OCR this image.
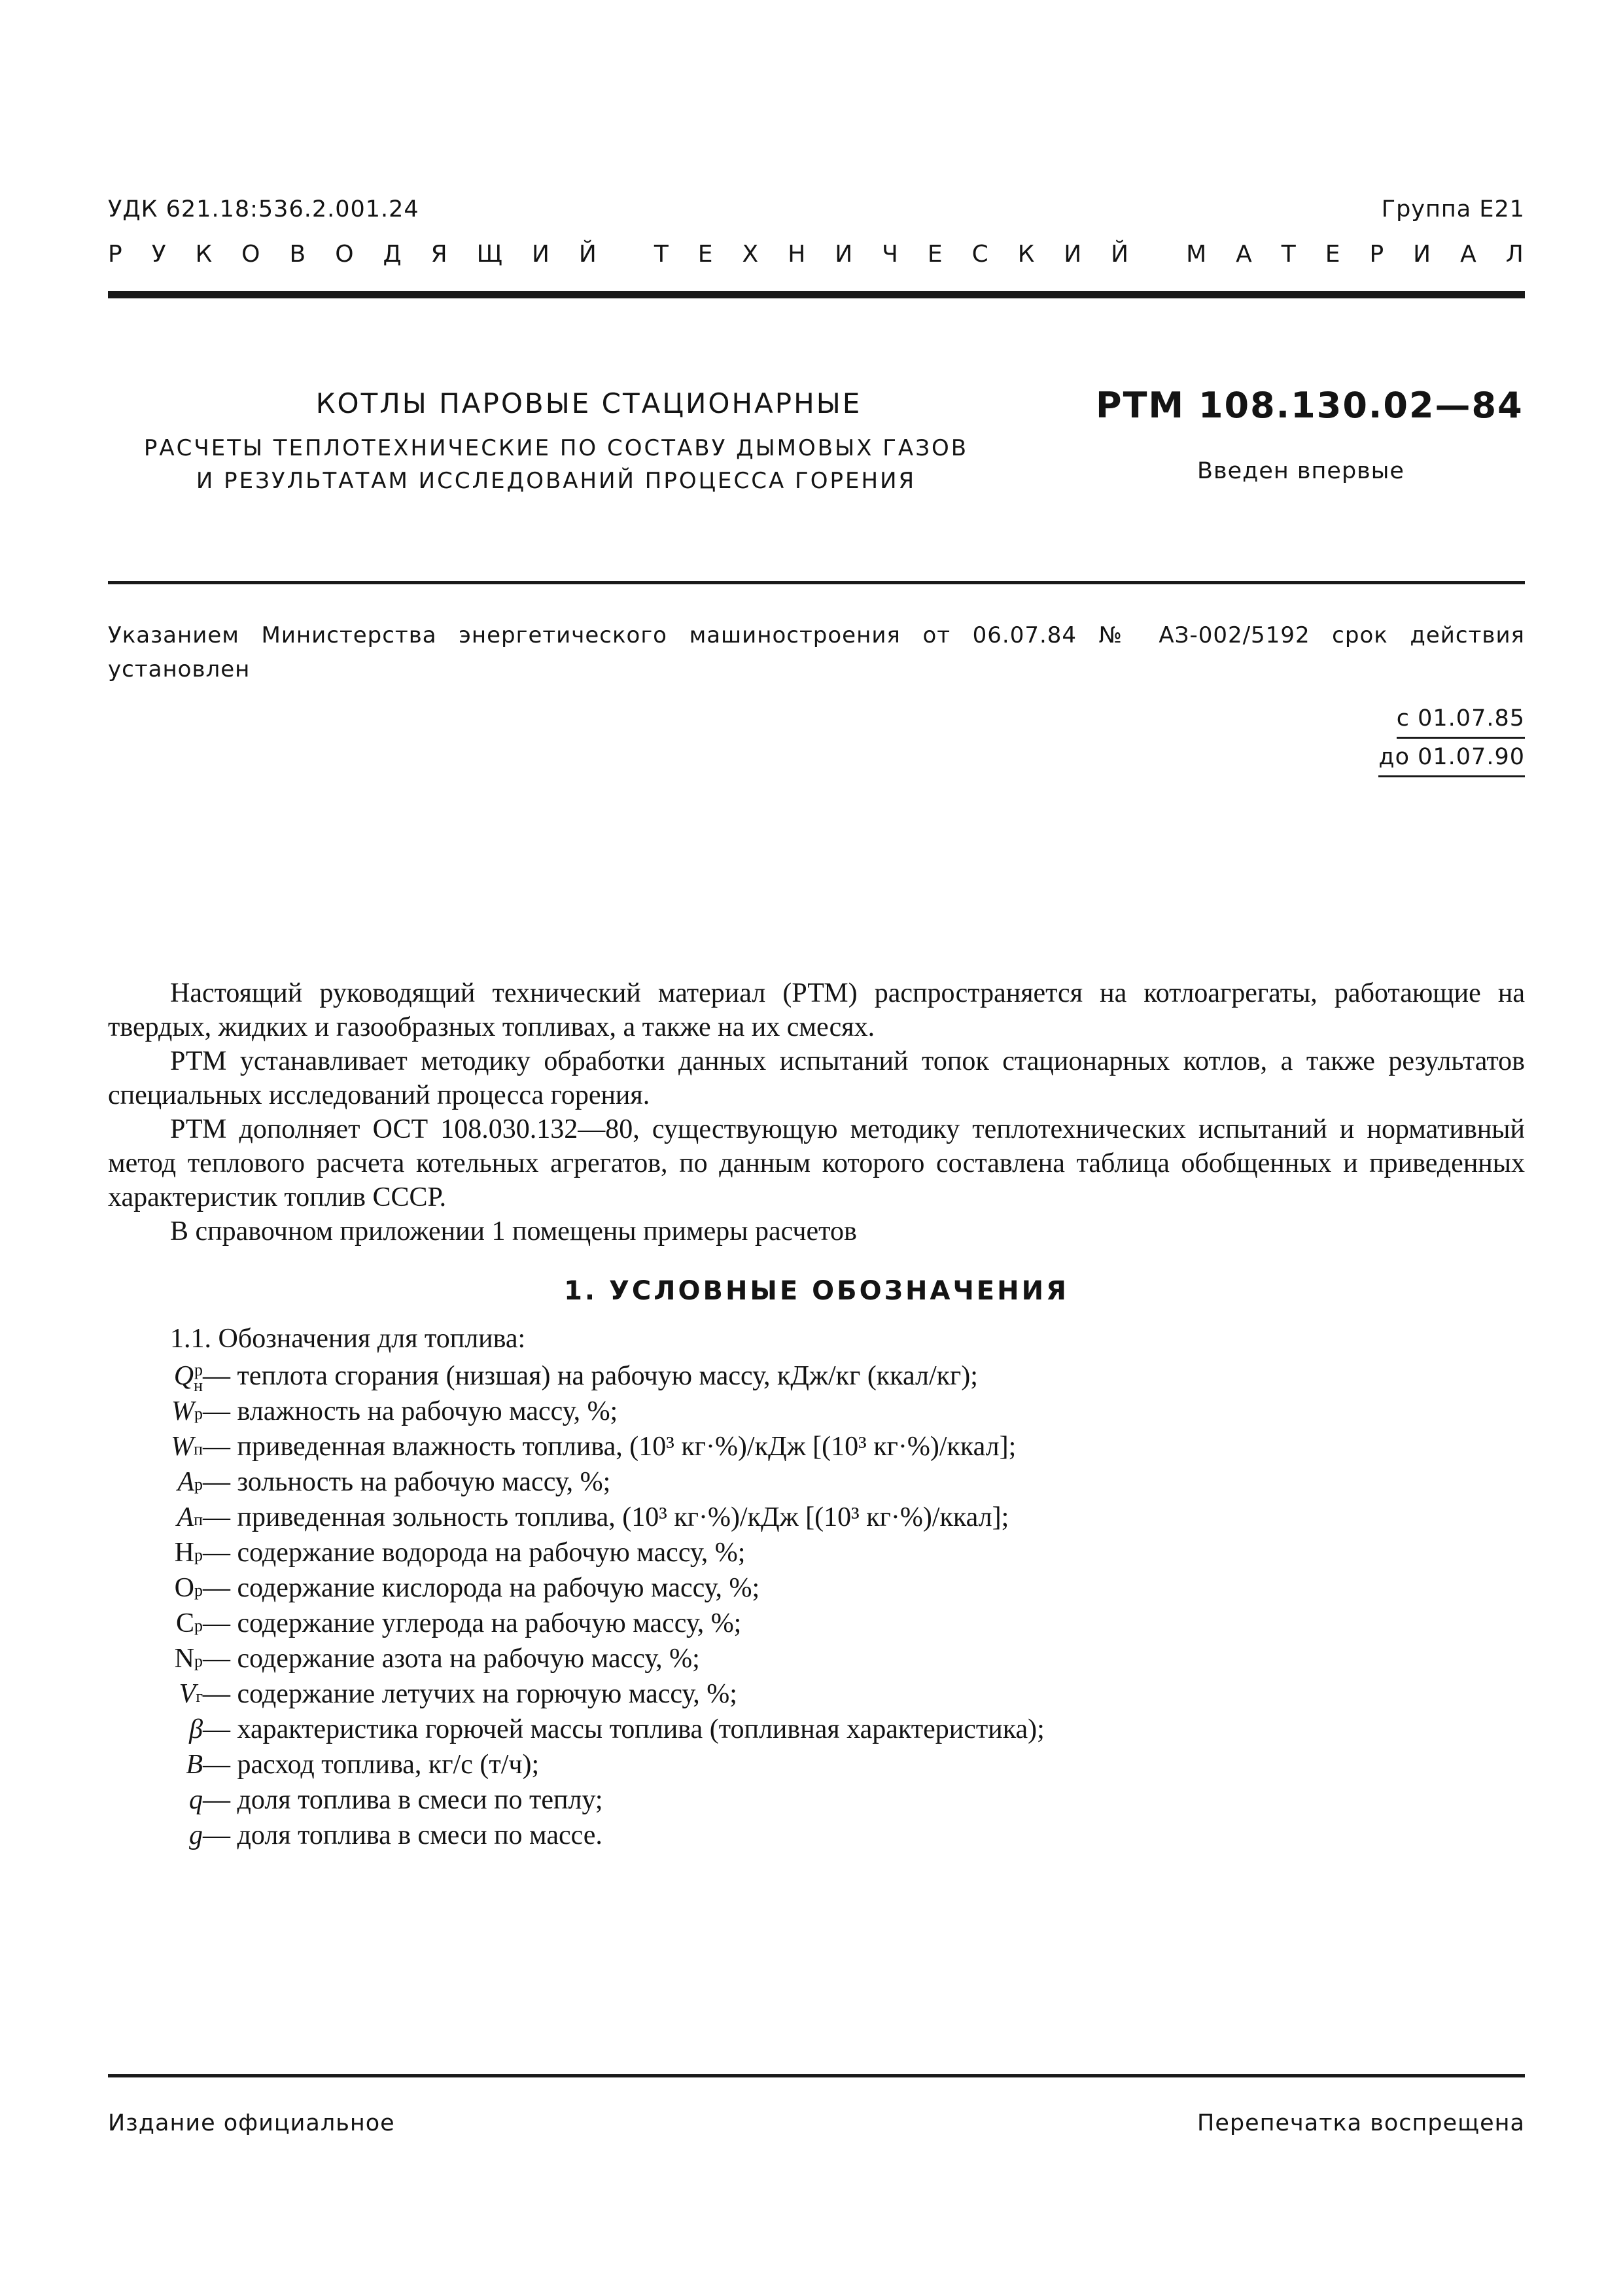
УДК 621.18:536.2.001.24	Группа Е21
Р У К О В О Д Я Щ И Й Т Е Х Н И Ч Е С К И Й М А Т Е Р И А Л
КОТЛЫ ПАРОВЫЕ СТАЦИОНАРНЫЕ
РАСЧЕТЫ ТЕПЛОТЕХНИЧЕСКИЕ ПО СОСТАВУ ДЫМОВЫХ ГАЗОВ
И РЕЗУЛЬТАТАМ ИССЛЕДОВАНИЙ ПРОЦЕССА ГОРЕНИЯ
РТМ 108.130.02—84
Введен впервые
Указанием Министерства энергетического машиностроения от 06.07.84 № АЗ-002/5192 срок действия установлен
с 01.07.85
до 01.07.90

Настоящий руководящий технический материал (РТМ) распространяется на котлоагрегаты, работающие на твердых, жидких и газообразных топливах, а также на их смесях.

РТМ устанавливает методику обработки данных испытаний топок стационарных котлов, а также результатов специальных исследований процесса горения.

РТМ дополняет ОСТ 108.030.132—80, существующую методику теплотехнических испытаний и нормативный метод теплового расчета котельных агрегатов, по данным которого составлена таблица обобщенных и приведенных характеристик топлив СССР.

В справочном приложении 1 помещены примеры расчетов

1. УСЛОВНЫЕ ОБОЗНАЧЕНИЯ
1.1. Обозначения для топлива:
Q р
н — теплота сгорания (низшая) на рабочую массу, кДж/кг (ккал/кг);
W р — влажность на рабочую массу, %;
W п — приведенная влажность топлива, (10³ кг·%)/кДж [(10³ кг·%)/ккал];
A р — зольность на рабочую массу, %;
A п — приведенная зольность топлива, (10³ кг·%)/кДж [(10³ кг·%)/ккал];
H р — содержание водорода на рабочую массу, %;
O р — содержание кислорода на рабочую массу, %;
C р — содержание углерода на рабочую массу, %;
N р — содержание азота на рабочую массу, %;
V г — содержание летучих на горючую массу, %;
β— характеристика горючей массы топлива (топливная характеристика);
B— расход топлива, кг/с (т/ч);
q— доля топлива в смеси по теплу;
g— доля топлива в смеси по массе.
Издание официальное	Перепечатка воспрещена
